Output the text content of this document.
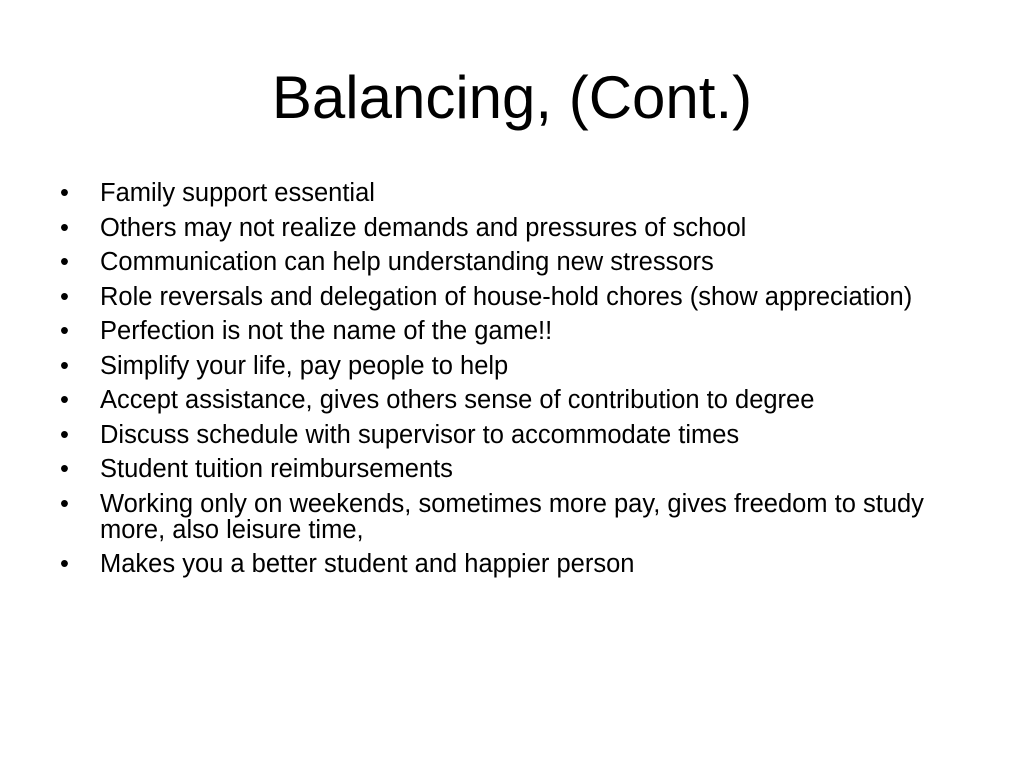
Balancing, (Cont.)
• Family support essential
• Others may not realize demands and pressures of school
• Communication can help understanding new stressors
• Role reversals and delegation of house-hold chores (show appreciation)
• Perfection is not the name of the game!!
• Simplify your life, pay people to help
• Accept assistance, gives others sense of contribution to degree
• Discuss schedule with supervisor to accommodate times
• Student tuition reimbursements
• Working only on weekends, sometimes more pay, gives freedom to study more, also leisure time,
• Makes you a better student and happier person
